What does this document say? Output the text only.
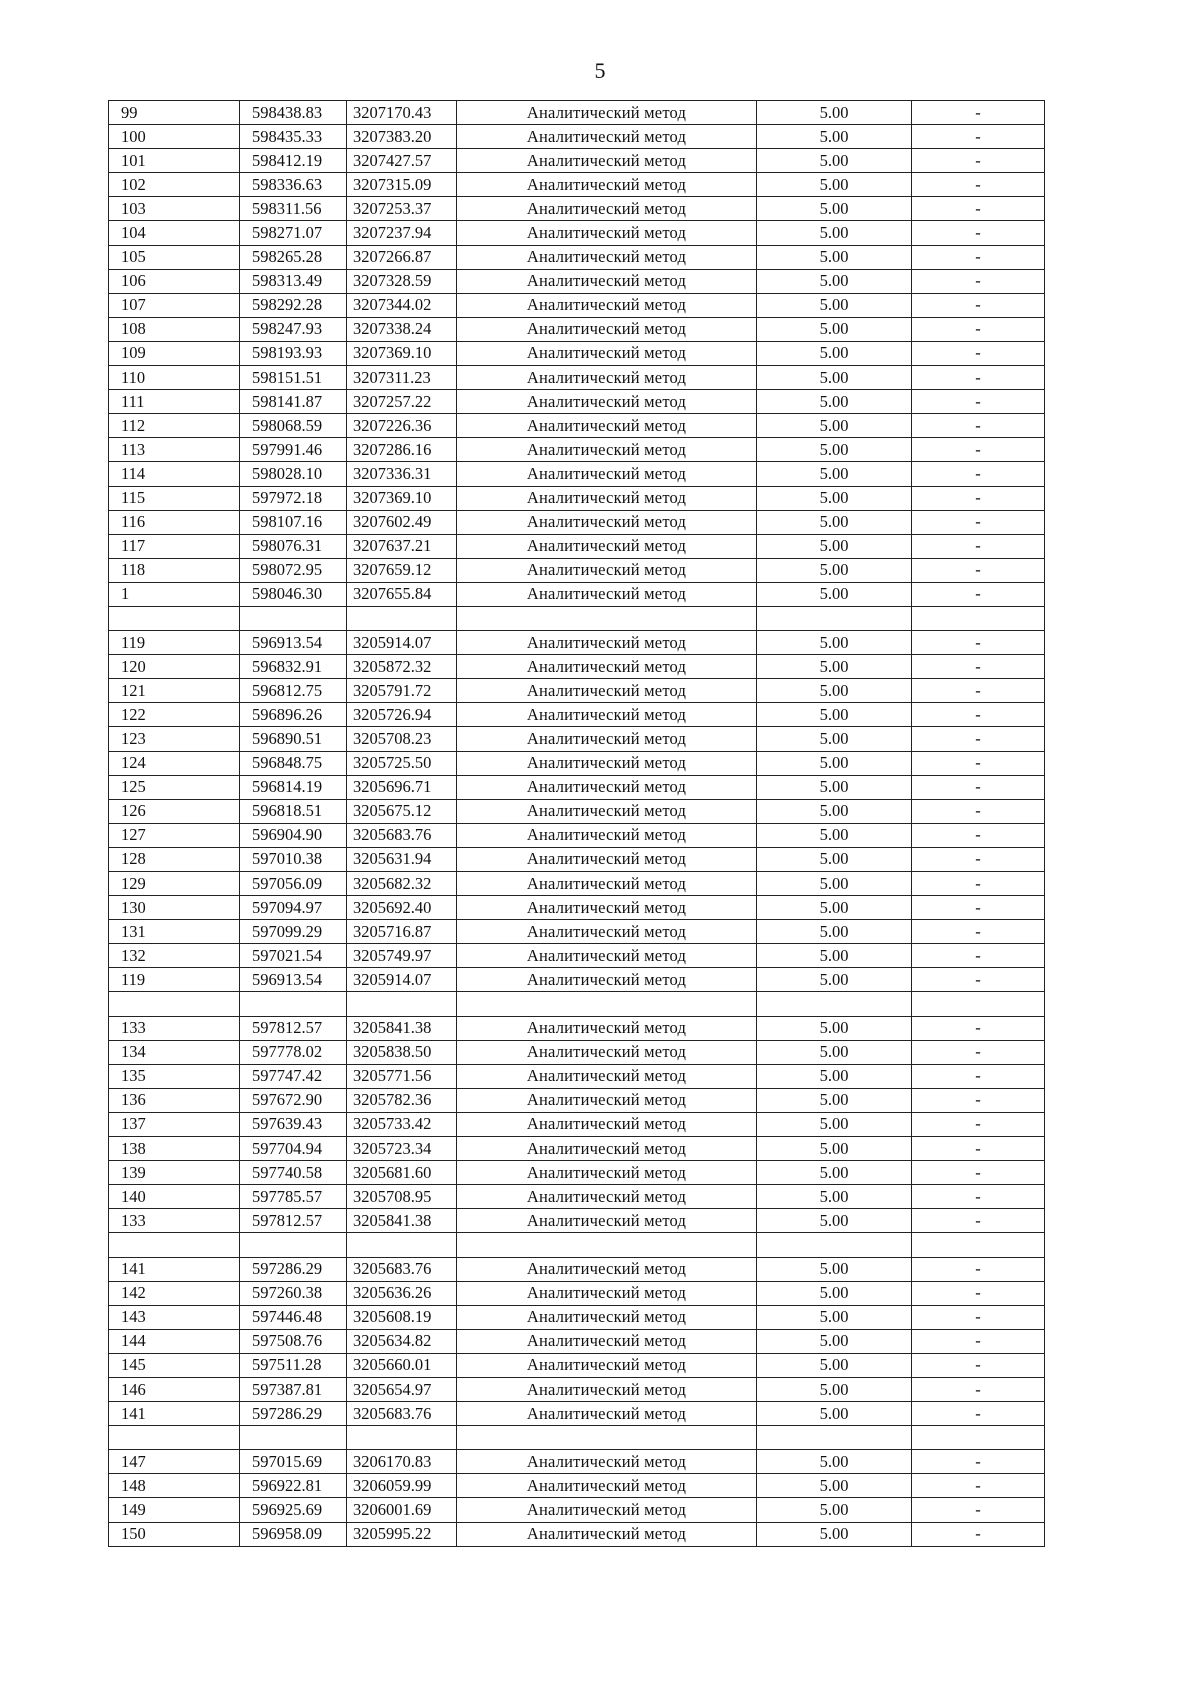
5
99	598438.83	3207170.43	Аналитический метод	5.00	-
100	598435.33	3207383.20	Аналитический метод	5.00	-
101	598412.19	3207427.57	Аналитический метод	5.00	-
102	598336.63	3207315.09	Аналитический метод	5.00	-
103	598311.56	3207253.37	Аналитический метод	5.00	-
104	598271.07	3207237.94	Аналитический метод	5.00	-
105	598265.28	3207266.87	Аналитический метод	5.00	-
106	598313.49	3207328.59	Аналитический метод	5.00	-
107	598292.28	3207344.02	Аналитический метод	5.00	-
108	598247.93	3207338.24	Аналитический метод	5.00	-
109	598193.93	3207369.10	Аналитический метод	5.00	-
110	598151.51	3207311.23	Аналитический метод	5.00	-
111	598141.87	3207257.22	Аналитический метод	5.00	-
112	598068.59	3207226.36	Аналитический метод	5.00	-
113	597991.46	3207286.16	Аналитический метод	5.00	-
114	598028.10	3207336.31	Аналитический метод	5.00	-
115	597972.18	3207369.10	Аналитический метод	5.00	-
116	598107.16	3207602.49	Аналитический метод	5.00	-
117	598076.31	3207637.21	Аналитический метод	5.00	-
118	598072.95	3207659.12	Аналитический метод	5.00	-
1	598046.30	3207655.84	Аналитический метод	5.00	-

119	596913.54	3205914.07	Аналитический метод	5.00	-
120	596832.91	3205872.32	Аналитический метод	5.00	-
121	596812.75	3205791.72	Аналитический метод	5.00	-
122	596896.26	3205726.94	Аналитический метод	5.00	-
123	596890.51	3205708.23	Аналитический метод	5.00	-
124	596848.75	3205725.50	Аналитический метод	5.00	-
125	596814.19	3205696.71	Аналитический метод	5.00	-
126	596818.51	3205675.12	Аналитический метод	5.00	-
127	596904.90	3205683.76	Аналитический метод	5.00	-
128	597010.38	3205631.94	Аналитический метод	5.00	-
129	597056.09	3205682.32	Аналитический метод	5.00	-
130	597094.97	3205692.40	Аналитический метод	5.00	-
131	597099.29	3205716.87	Аналитический метод	5.00	-
132	597021.54	3205749.97	Аналитический метод	5.00	-
119	596913.54	3205914.07	Аналитический метод	5.00	-

133	597812.57	3205841.38	Аналитический метод	5.00	-
134	597778.02	3205838.50	Аналитический метод	5.00	-
135	597747.42	3205771.56	Аналитический метод	5.00	-
136	597672.90	3205782.36	Аналитический метод	5.00	-
137	597639.43	3205733.42	Аналитический метод	5.00	-
138	597704.94	3205723.34	Аналитический метод	5.00	-
139	597740.58	3205681.60	Аналитический метод	5.00	-
140	597785.57	3205708.95	Аналитический метод	5.00	-
133	597812.57	3205841.38	Аналитический метод	5.00	-

141	597286.29	3205683.76	Аналитический метод	5.00	-
142	597260.38	3205636.26	Аналитический метод	5.00	-
143	597446.48	3205608.19	Аналитический метод	5.00	-
144	597508.76	3205634.82	Аналитический метод	5.00	-
145	597511.28	3205660.01	Аналитический метод	5.00	-
146	597387.81	3205654.97	Аналитический метод	5.00	-
141	597286.29	3205683.76	Аналитический метод	5.00	-

147	597015.69	3206170.83	Аналитический метод	5.00	-
148	596922.81	3206059.99	Аналитический метод	5.00	-
149	596925.69	3206001.69	Аналитический метод	5.00	-
150	596958.09	3205995.22	Аналитический метод	5.00	-
